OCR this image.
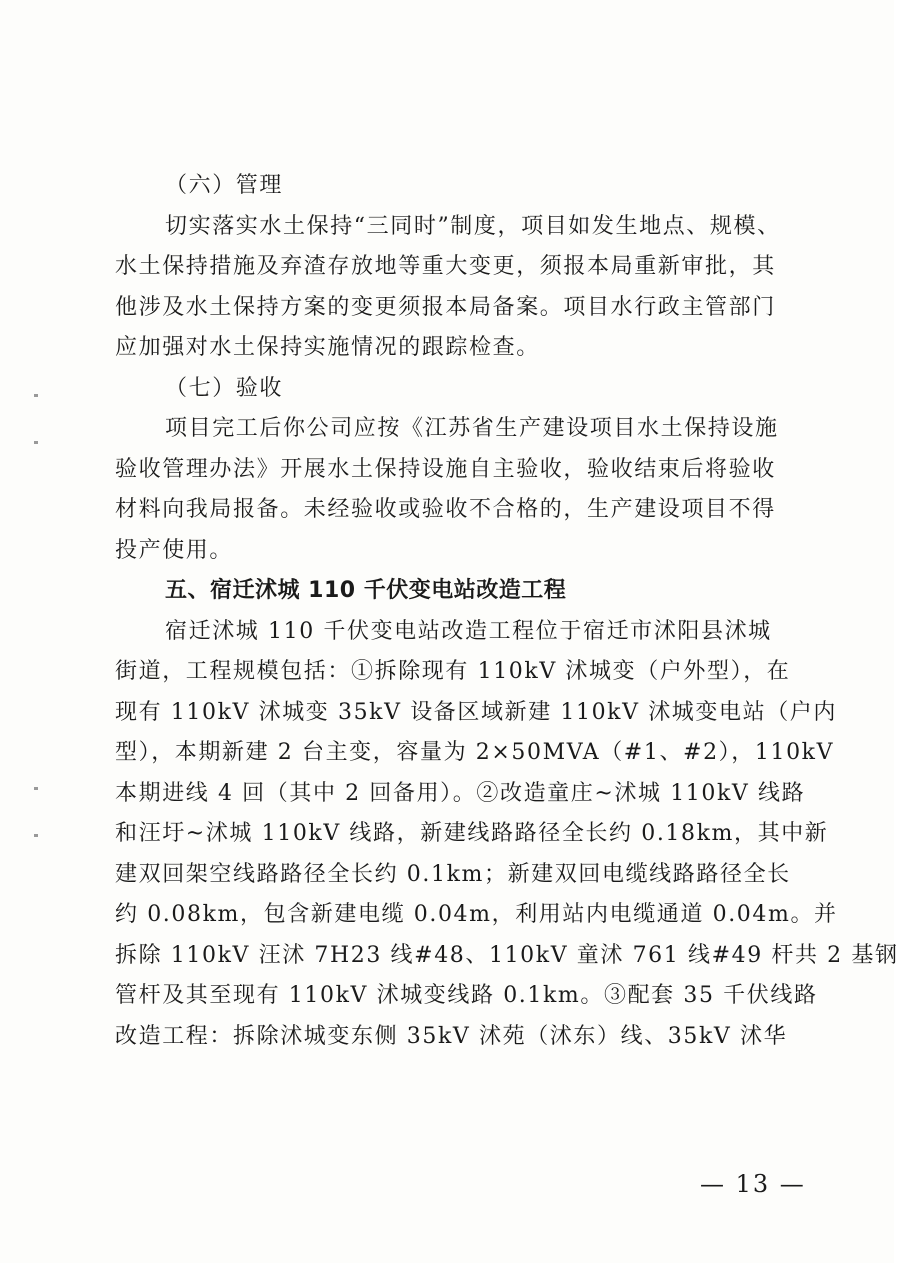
（六）管理
切实落实水土保持“三同时”制度，项目如发生地点、规模、
水土保持措施及弃渣存放地等重大变更，须报本局重新审批，其
他涉及水土保持方案的变更须报本局备案。项目水行政主管部门
应加强对水土保持实施情况的跟踪检查。
（七）验收
项目完工后你公司应按《江苏省生产建设项目水土保持设施
验收管理办法》开展水土保持设施自主验收，验收结束后将验收
材料向我局报备。未经验收或验收不合格的，生产建设项目不得
投产使用。
五、宿迁沭城 110 千伏变电站改造工程
宿迁沭城 110 千伏变电站改造工程位于宿迁市沭阳县沭城
街道，工程规模包括：①拆除现有 110kV 沭城变（户外型），在
现有 110kV 沭城变 35kV 设备区域新建 110kV 沭城变电站（户内
型），本期新建 2 台主变，容量为 2×50MVA（#1、#2），110kV
本期进线 4 回（其中 2 回备用）。②改造童庄~沭城 110kV 线路
和汪圩~沭城 110kV 线路，新建线路路径全长约 0.18km，其中新
建双回架空线路路径全长约 0.1km；新建双回电缆线路路径全长
约 0.08km，包含新建电缆 0.04m，利用站内电缆通道 0.04m。并
拆除 110kV 汪沭 7H23 线#48、110kV 童沭 761 线#49 杆共 2 基钢
管杆及其至现有 110kV 沭城变线路 0.1km。③配套 35 千伏线路
改造工程：拆除沭城变东侧 35kV 沭苑（沭东）线、35kV 沭华
— 13 —
